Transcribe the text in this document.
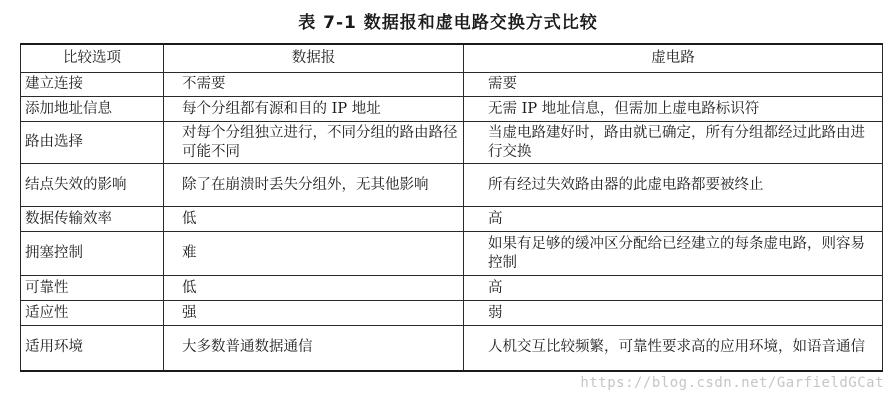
表 7-1 数据报和虚电路交换方式比较
比较选项	数据报	虚电路
建立连接	不需要	需要
添加地址信息	每个分组都有源和目的 IP 地址	无需 IP 地址信息，但需加上虚电路标识符
路由选择	对每个分组独立进行，不同分组的路由路径可能不同	当虚电路建好时，路由就已确定，所有分组都经过此路由进行交换
结点失效的影响	除了在崩溃时丢失分组外，无其他影响	所有经过失效路由器的此虚电路都要被终止
数据传输效率	低	高
拥塞控制	难	如果有足够的缓冲区分配给已经建立的每条虚电路，则容易控制
可靠性	低	高
适应性	强	弱
适用环境	大多数普通数据通信	人机交互比较频繁，可靠性要求高的应用环境，如语音通信
https://blog.csdn.net/GarfieldGCat
